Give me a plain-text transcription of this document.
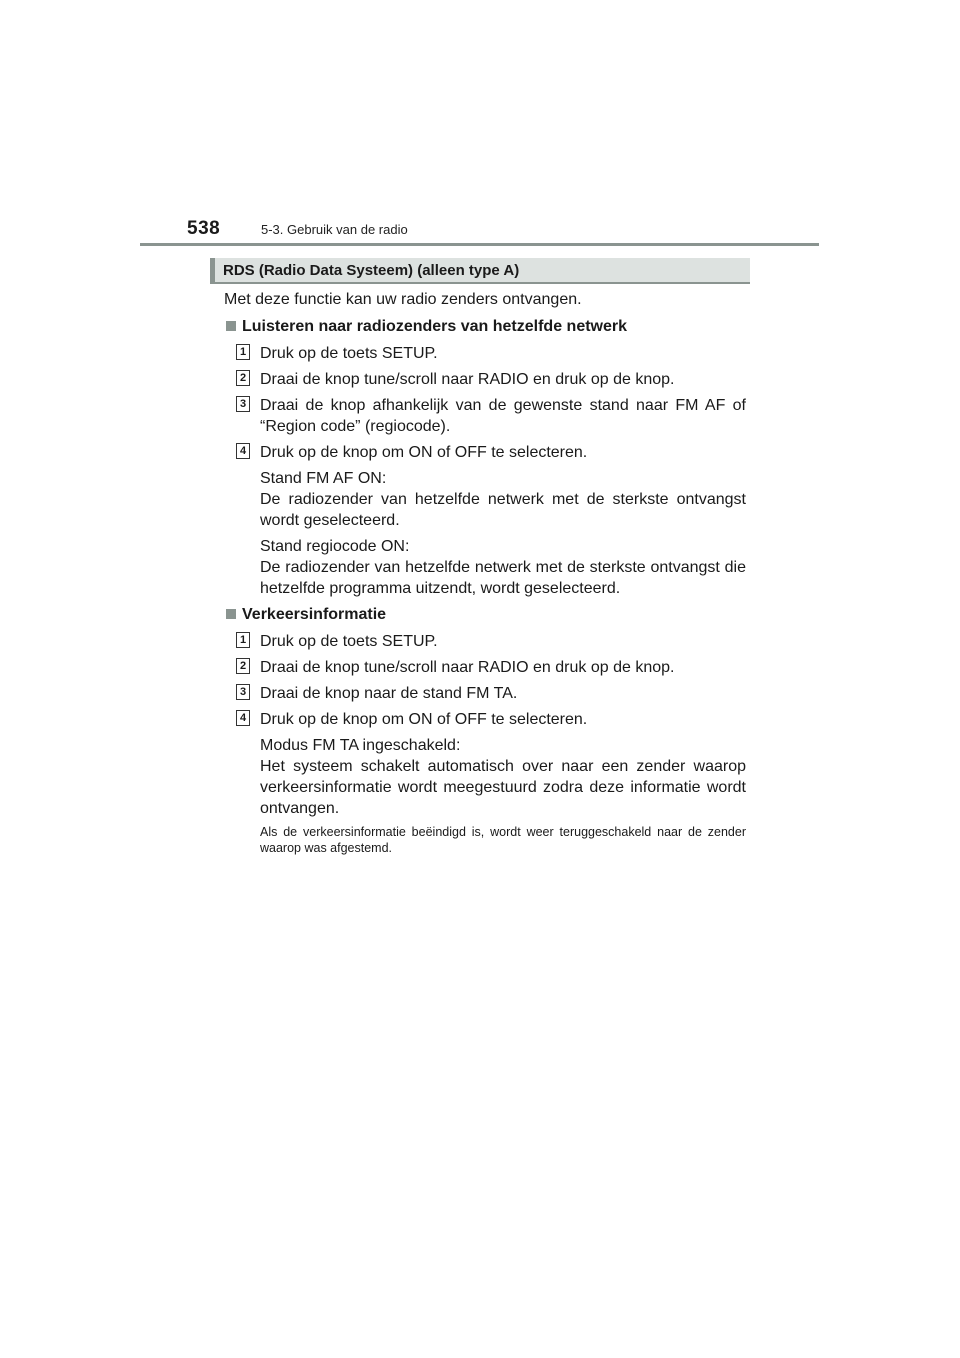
538	5-3. Gebruik van de radio
RDS (Radio Data Systeem) (alleen type A)

Met deze functie kan uw radio zenders ontvangen.

Luisteren naar radiozenders van hetzelfde netwerk

1 Druk op de toets SETUP.

2 Draai de knop tune/scroll naar RADIO en druk op de knop.

3 Draai de knop afhankelijk van de gewenste stand naar FM AF of “Region code” (regiocode).

4 Druk op de knop om ON of OFF te selecteren.

Stand FM AF ON:
De radiozender van hetzelfde netwerk met de sterkste ontvangst wordt geselecteerd.
Stand regiocode ON:
De radiozender van hetzelfde netwerk met de sterkste ontvangst die hetzelfde programma uitzendt, wordt geselecteerd.

Verkeersinformatie

1 Druk op de toets SETUP.

2 Draai de knop tune/scroll naar RADIO en druk op de knop.

3 Draai de knop naar de stand FM TA.

4 Druk op de knop om ON of OFF te selecteren.

Modus FM TA ingeschakeld:
Het systeem schakelt automatisch over naar een zender waarop verkeersinformatie wordt meegestuurd zodra deze informatie wordt ontvangen.

Als de verkeersinformatie beëindigd is, wordt weer teruggeschakeld naar de zender waarop was afgestemd.
